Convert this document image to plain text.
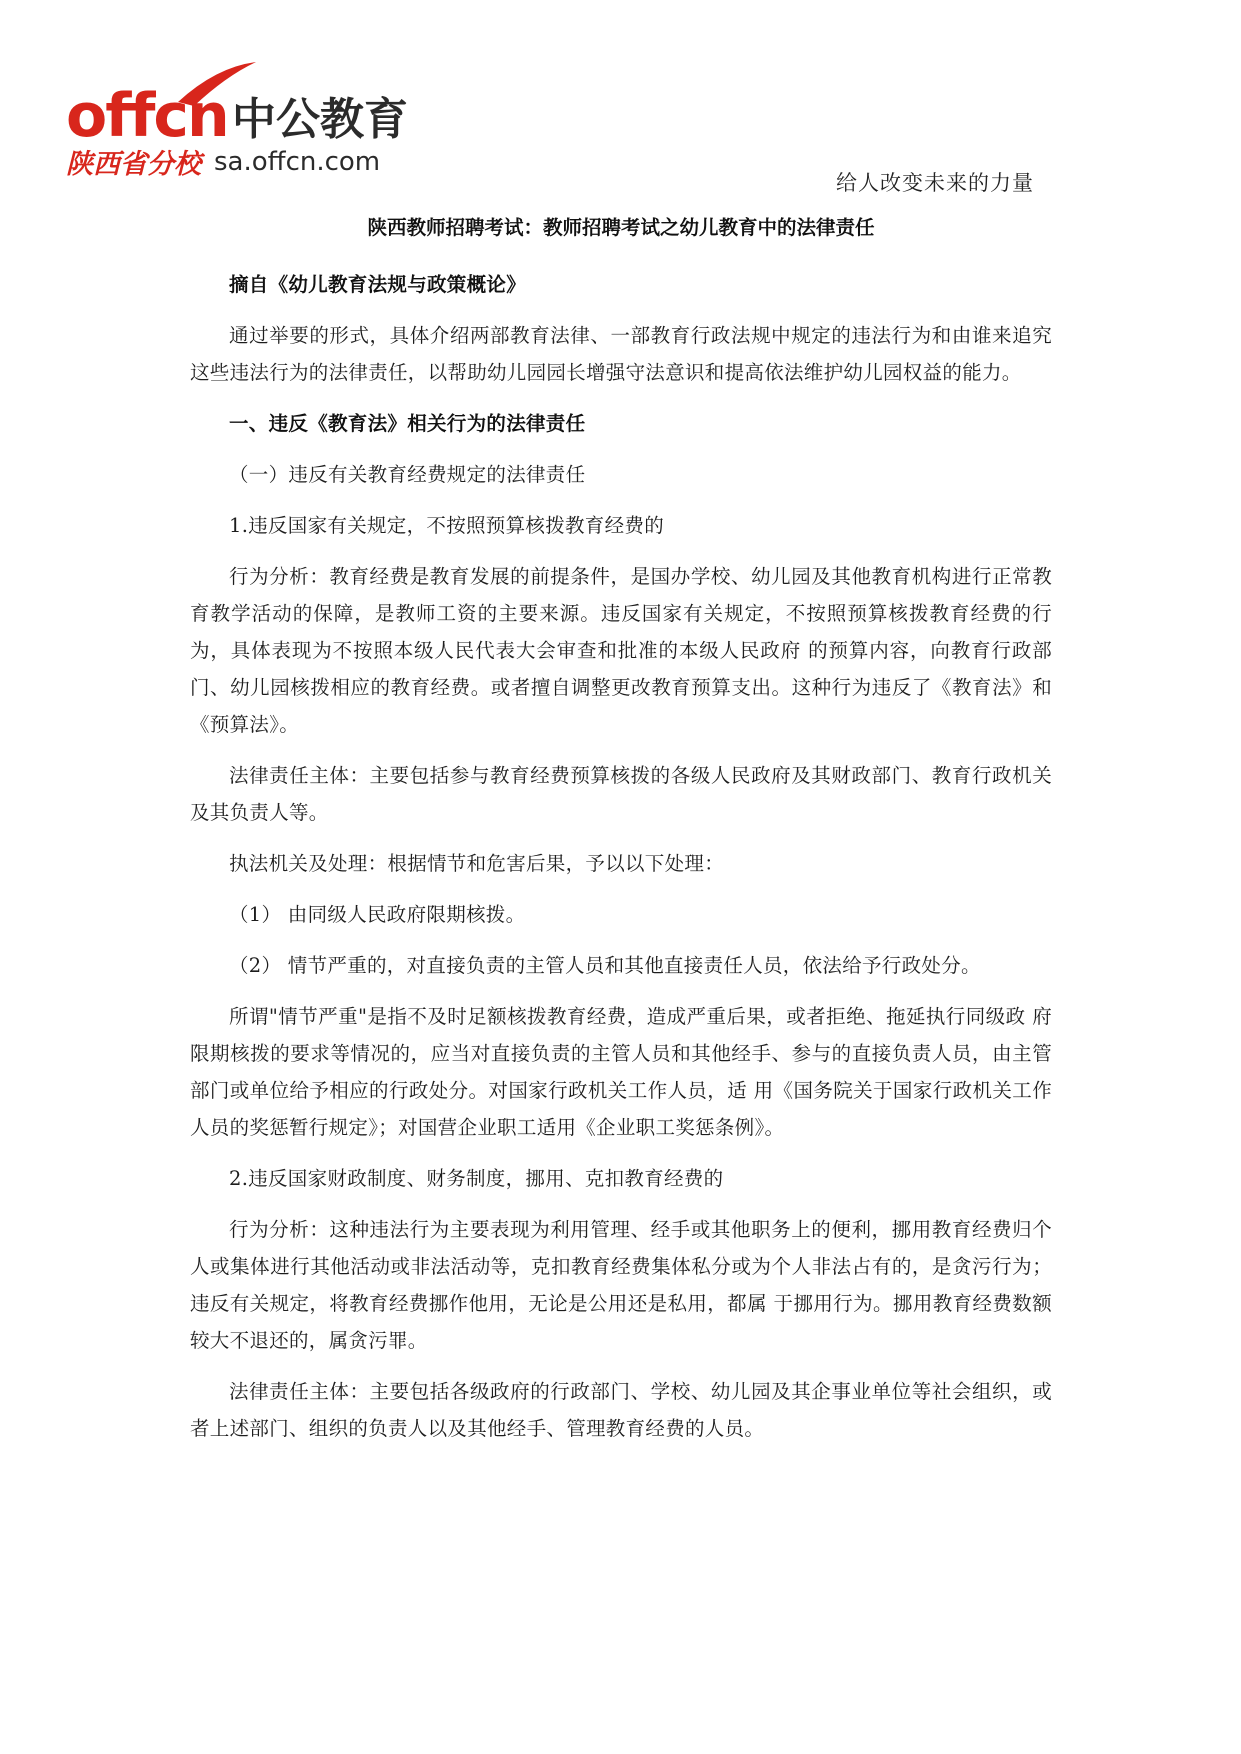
offcn 中公教育
陕西省分校 sa.offcn.com
给人改变未来的力量
陕西教师招聘考试：教师招聘考试之幼儿教育中的法律责任

摘自《幼儿教育法规与政策概论》

通过举要的形式，具体介绍两部教育法律、一部教育行政法规中规定的违法行为和由谁来追究这些违法行为的法律责任，以帮助幼儿园园长增强守法意识和提高依法维护幼儿园权益的能力。

一、违反《教育法》相关行为的法律责任

（一）违反有关教育经费规定的法律责任

1.违反国家有关规定，不按照预算核拨教育经费的

行为分析：教育经费是教育发展的前提条件，是国办学校、幼儿园及其他教育机构进行正常教 育教学活动的保障，是教师工资的主要来源。违反国家有关规定，不按照预算核拨教育经费的行为，具体表现为不按照本级人民代表大会审查和批准的本级人民政府 的预算内容，向教育行政部门、幼儿园核拨相应的教育经费。或者擅自调整更改教育预算支出。这种行为违反了《教育法》和《预算法》。

法律责任主体：主要包括参与教育经费预算核拨的各级人民政府及其财政部门、教育行政机关及其负责人等。

执法机关及处理：根据情节和危害后果，予以以下处理：

（1） 由同级人民政府限期核拨。

（2） 情节严重的，对直接负责的主管人员和其他直接责任人员，依法给予行政处分。

所谓"情节严重"是指不及时足额核拨教育经费，造成严重后果，或者拒绝、拖延执行同级政 府限期核拨的要求等情况的，应当对直接负责的主管人员和其他经手、参与的直接负责人员，由主管部门或单位给予相应的行政处分。对国家行政机关工作人员，适 用《国务院关于国家行政机关工作人员的奖惩暂行规定》；对国营企业职工适用《企业职工奖惩条例》。

2.违反国家财政制度、财务制度，挪用、克扣教育经费的

行为分析：这种违法行为主要表现为利用管理、经手或其他职务上的便利，挪用教育经费归个 人或集体进行其他活动或非法活动等，克扣教育经费集体私分或为个人非法占有的，是贪污行为；违反有关规定，将教育经费挪作他用，无论是公用还是私用，都属 于挪用行为。挪用教育经费数额较大不退还的，属贪污罪。

法律责任主体：主要包括各级政府的行政部门、学校、幼儿园及其企事业单位等社会组织，或者上述部门、组织的负责人以及其他经手、管理教育经费的人员。
